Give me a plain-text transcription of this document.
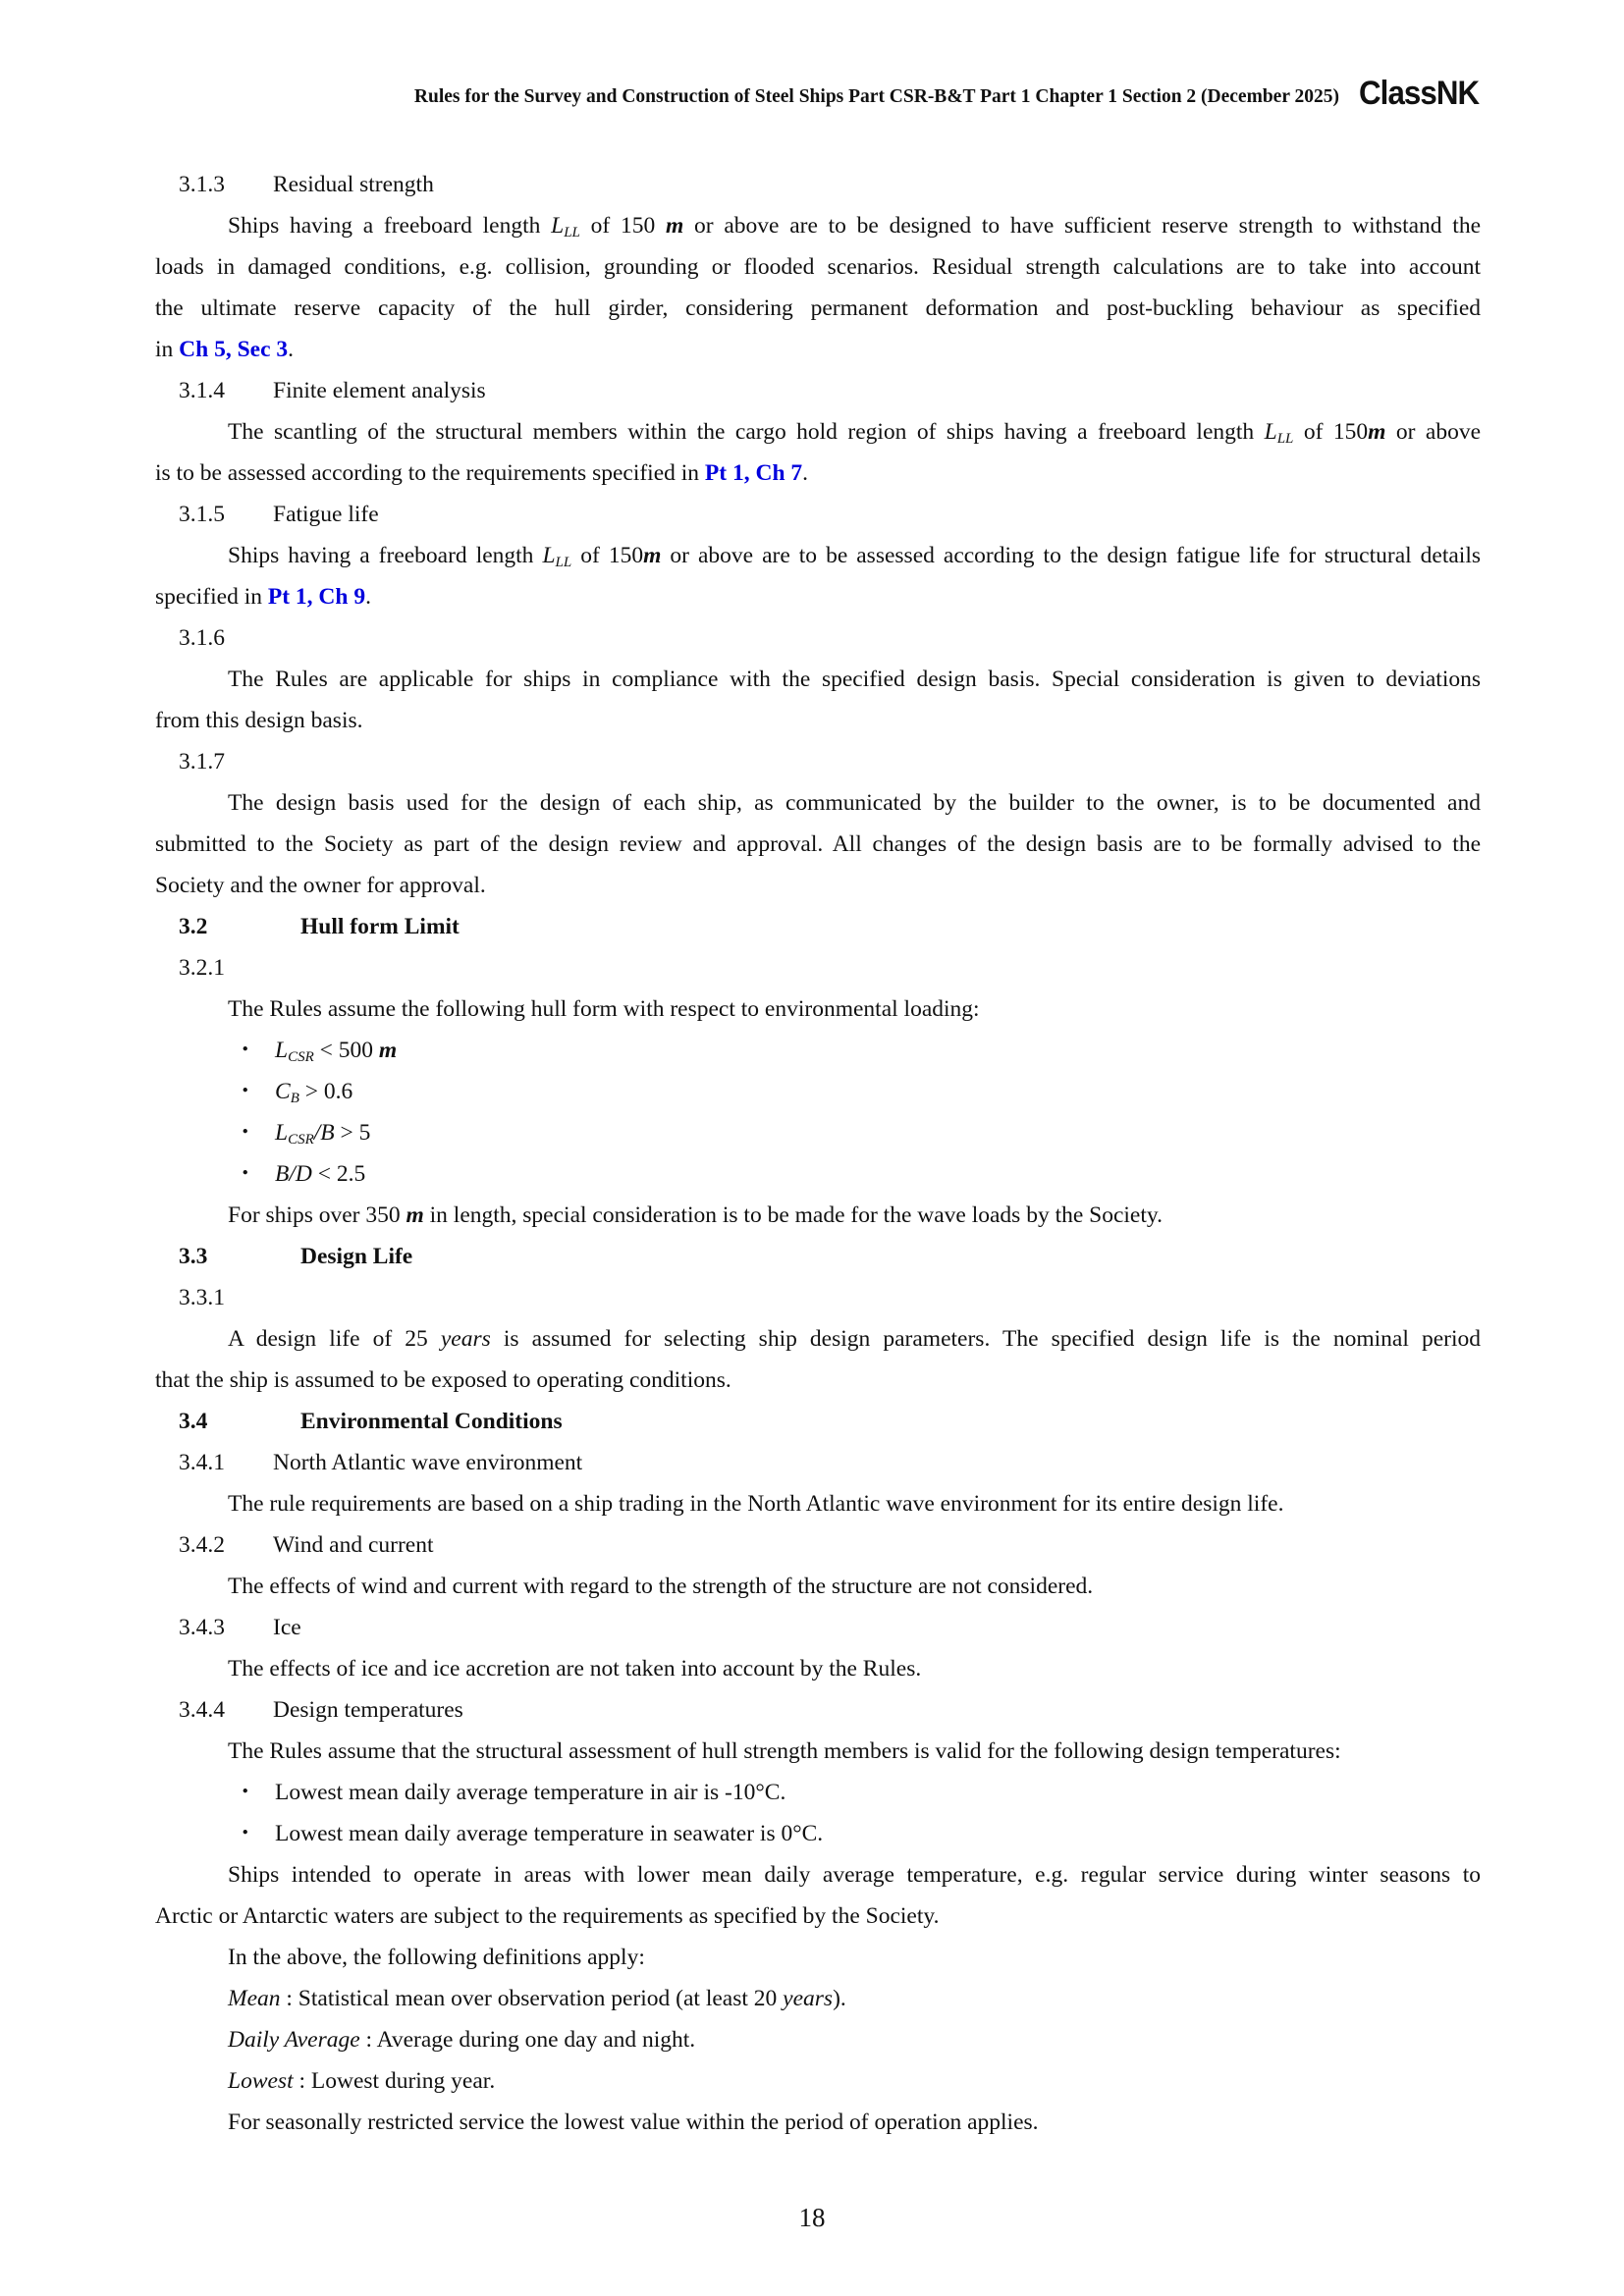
Rules for the Survey and Construction of Steel Ships Part CSR-B&T Part 1 Chapter 1 Section 2 (December 2025) ClassNK
3.1.3 Residual strength
Ships having a freeboard length $L_{LL}$ of 150 m or above are to be designed to have sufficient reserve strength to withstand the
loads in damaged conditions, e.g. collision, grounding or flooded scenarios. Residual strength calculations are to take into account
the ultimate reserve capacity of the hull girder, considering permanent deformation and post-buckling behaviour as specified
in Ch 5, Sec 3.
3.1.4 Finite element analysis
The scantling of the structural members within the cargo hold region of ships having a freeboard length $L_{LL}$ of 150m or above
is to be assessed according to the requirements specified in Pt 1, Ch 7.
3.1.5 Fatigue life
Ships having a freeboard length $L_{LL}$ of 150m or above are to be assessed according to the design fatigue life for structural details
specified in Pt 1, Ch 9.
3.1.6
The Rules are applicable for ships in compliance with the specified design basis. Special consideration is given to deviations
from this design basis.
3.1.7
The design basis used for the design of each ship, as communicated by the builder to the owner, is to be documented and
submitted to the Society as part of the design review and approval. All changes of the design basis are to be formally advised to the
Society and the owner for approval.
3.2	Hull form Limit
3.2.1
The Rules assume the following hull form with respect to environmental loading:
・ $L_{CSR} < 500$ m
・ $C_B > 0.6$
・ $L_{CSR}/B > 5$
・ B/D < 2.5
For ships over 350 m in length, special consideration is to be made for the wave loads by the Society.
3.3	Design Life
3.3.1
A design life of 25 years is assumed for selecting ship design parameters. The specified design life is the nominal period
that the ship is assumed to be exposed to operating conditions.
3.4	Environmental Conditions
3.4.1 North Atlantic wave environment
The rule requirements are based on a ship trading in the North Atlantic wave environment for its entire design life.
3.4.2 Wind and current
The effects of wind and current with regard to the strength of the structure are not considered.
3.4.3 Ice
The effects of ice and ice accretion are not taken into account by the Rules.
3.4.4 Design temperatures
The Rules assume that the structural assessment of hull strength members is valid for the following design temperatures:
・ Lowest mean daily average temperature in air is -10°C.
・ Lowest mean daily average temperature in seawater is 0°C.
Ships intended to operate in areas with lower mean daily average temperature, e.g. regular service during winter seasons to
Arctic or Antarctic waters are subject to the requirements as specified by the Society.
In the above, the following definitions apply:
Mean : Statistical mean over observation period (at least 20 years).
Daily Average : Average during one day and night.
Lowest : Lowest during year.
For seasonally restricted service the lowest value within the period of operation applies.
18
